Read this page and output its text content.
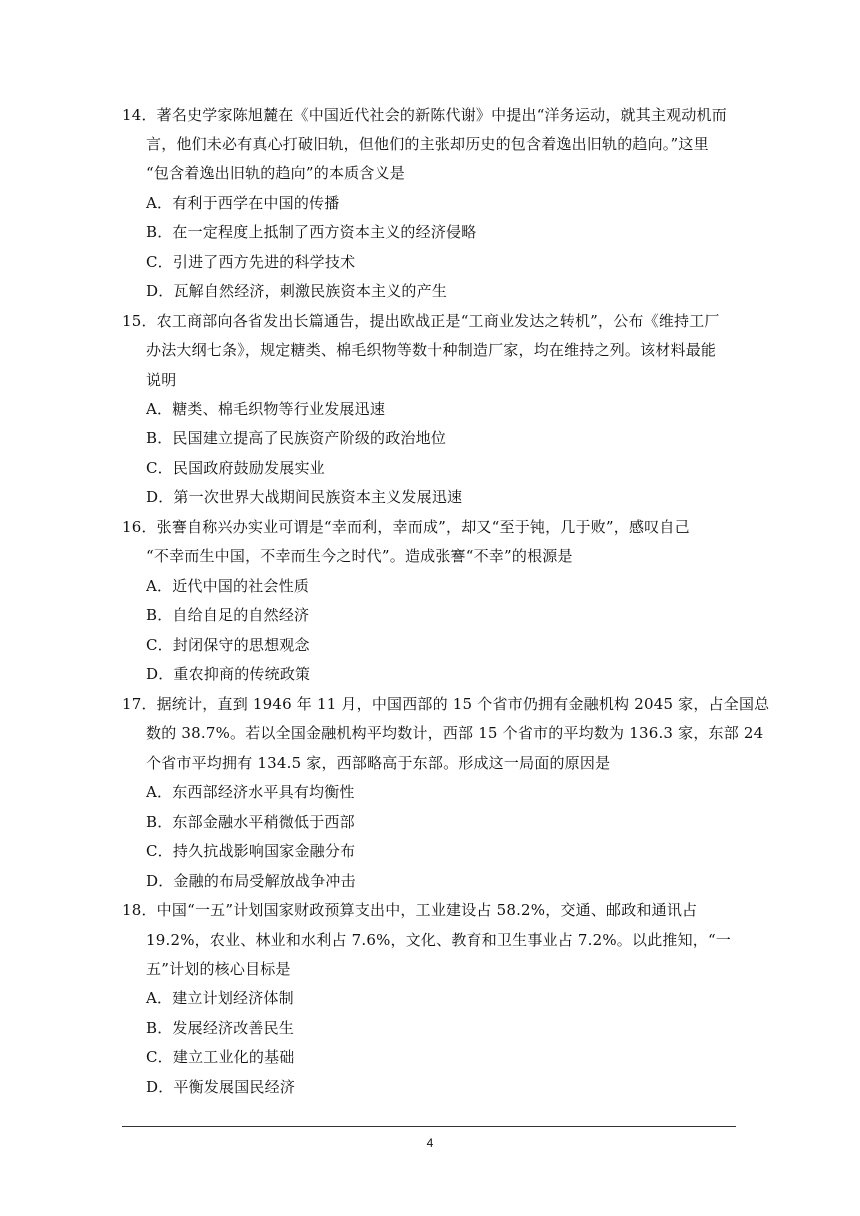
14．著名史学家陈旭麓在《中国近代社会的新陈代谢》中提出“洋务运动，就其主观动机而
言，他们未必有真心打破旧轨，但他们的主张却历史的包含着逸出旧轨的趋向。”这里
“包含着逸出旧轨的趋向”的本质含义是
A．有利于西学在中国的传播
B．在一定程度上抵制了西方资本主义的经济侵略
C．引进了西方先进的科学技术
D．瓦解自然经济，刺激民族资本主义的产生
15．农工商部向各省发出长篇通告，提出欧战正是“工商业发达之转机”，公布《维持工厂
办法大纲七条》，规定糖类、棉毛织物等数十种制造厂家，均在维持之列。该材料最能
说明
A．糖类、棉毛织物等行业发展迅速
B．民国建立提高了民族资产阶级的政治地位
C．民国政府鼓励发展实业
D．第一次世界大战期间民族资本主义发展迅速
16．张謇自称兴办实业可谓是“幸而利，幸而成”，却又“至于钝，几于败”，感叹自己
“不幸而生中国，不幸而生今之时代”。造成张謇“不幸”的根源是
A．近代中国的社会性质
B．自给自足的自然经济
C．封闭保守的思想观念
D．重农抑商的传统政策
17．据统计，直到 1946 年 11 月，中国西部的 15 个省市仍拥有金融机构 2045 家，占全国总
数的 38.7%。若以全国金融机构平均数计，西部 15 个省市的平均数为 136.3 家，东部 24
个省市平均拥有 134.5 家，西部略高于东部。形成这一局面的原因是
A．东西部经济水平具有均衡性
B．东部金融水平稍微低于西部
C．持久抗战影响国家金融分布
D．金融的布局受解放战争冲击
18．中国“一五”计划国家财政预算支出中，工业建设占 58.2%，交通、邮政和通讯占
19.2%，农业、林业和水利占 7.6%，文化、教育和卫生事业占 7.2%。以此推知，“一
五”计划的核心目标是
A．建立计划经济体制
B．发展经济改善民生
C．建立工业化的基础
D．平衡发展国民经济
4
